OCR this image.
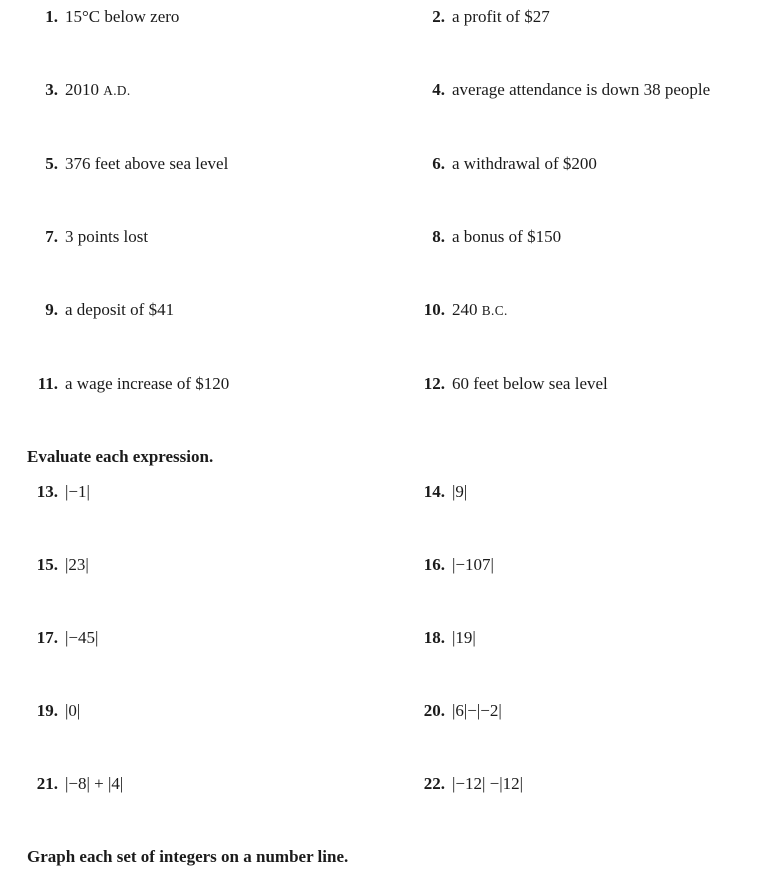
1. 15°C below zero	2. a profit of $27
3. 2010 A.D.	4. average attendance is down 38 people
5. 376 feet above sea level	6. a withdrawal of $200
7. 3 points lost	8. a bonus of $150
9. a deposit of $41	10. 240 B.C.
11. a wage increase of $120	12. 60 feet below sea level
Evaluate each expression.
13. |−1|	14. |9|
15. |23|	16. |−107|
17. |−45|	18. |19|
19. |0|	20. |6|−|−2|
21. |−8| + |4|	22. |−12| −|12|
Graph each set of integers on a number line.
